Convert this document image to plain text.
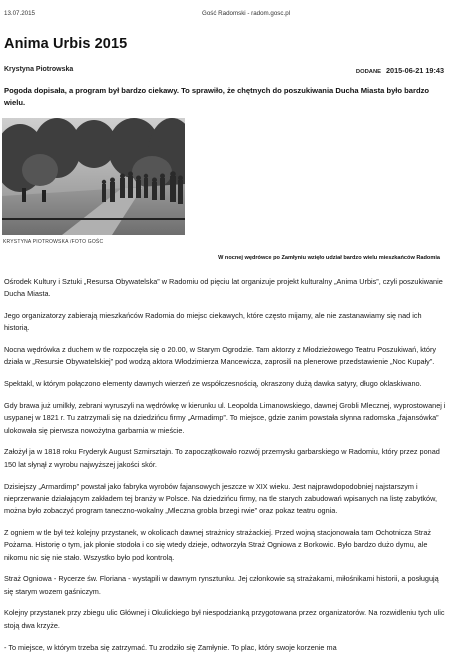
13.07.2015	Gość Radomski - radom.gosc.pl
Anima Urbis 2015
Krystyna Piotrowska	DODANE 2015-06-21 19:43

Pogoda dopisała, a program był bardzo ciekawy. To sprawiło, że chętnych do poszukiwania Ducha Miasta było bardzo wielu.

KRYSTYNA PIOTROWSKA /FOTO GOŚC
W nocnej wędrówce po Zamłyniu wzięło udział bardzo wielu mieszkańców Radomia

Ośrodek Kultury i Sztuki „Resursa Obywatelska” w Radomiu od pięciu lat organizuje projekt kulturalny „Anima Urbis”, czyli poszukiwanie Ducha Miasta.

Jego organizatorzy zabierają mieszkańców Radomia do miejsc ciekawych, które często mijamy, ale nie zastanawiamy się nad ich historią.

Nocna wędrówka z duchem w tle rozpoczęła się o 20.00, w Starym Ogrodzie. Tam aktorzy z Młodzieżowego Teatru Poszukiwań, który działa w „Resursie Obywatelskiej” pod wodzą aktora Włodzimierza Mancewicza, zaprosili na plenerowe przedstawienie „Noc Kupały”.

Spektakl, w którym połączono elementy dawnych wierzeń ze współczesnością, okraszony dużą dawka satyry, długo oklaskiwano.

Gdy brawa już umilkły, zebrani wyruszyli na wędrówkę w kierunku ul. Leopolda Limanowskiego, dawnej Grobli Mlecznej, wyprostowanej i usypanej w 1821 r. Tu zatrzymali się na dziedzińcu firmy „Armadimp”. To miejsce, gdzie zanim powstała słynna radomska „fajansówka” ulokowała się pierwsza nowożytna garbarnia w mieście.

Założył ja w 1818 roku Fryderyk August Szmirsztajn. To zapoczątkowało rozwój przemysłu garbarskiego w Radomiu, który przez ponad 150 lat słynął z wyrobu najwyższej jakości skór.

Dzisiejszy „Armardimp” powstał jako fabryka wyrobów fajansowych jeszcze w XIX wieku. Jest najprawdopodobniej najstarszym i nieprzerwanie działającym zakładem tej branży w Polsce. Na dziedzińcu firmy, na tle starych zabudowań wpisanych na listę zabytków, można było zobaczyć program taneczno-wokalny „Mleczna grobla brzegi rwie” oraz pokaz teatru ognia.

Z ogniem w tle był też kolejny przystanek, w okolicach dawnej strażnicy strażackiej. Przed wojną stacjonowała tam Ochotnicza Straż Pożarna. Historię o tym, jak płonie stodoła i co się wtedy dzieje, odtworzyła Straż Ogniowa z Borkowic. Było bardzo dużo dymu, ale nikomu nic się nie stało. Wszystko było pod kontrolą.

Straż Ogniowa - Rycerze św. Floriana - wystąpili w dawnym rynsztunku. Jej członkowie są strażakami, miłośnikami historii, a posługują się starym wozem gaśniczym.

Kolejny przystanek przy zbiegu ulic Głównej i Okulickiego był niespodzianką przygotowana przez organizatorów. Na rozwidleniu tych ulic stoją dwa krzyże.

- To miejsce, w którym trzeba się zatrzymać. Tu zrodziło się Zamłynie. To plac, który swoje korzenie ma
